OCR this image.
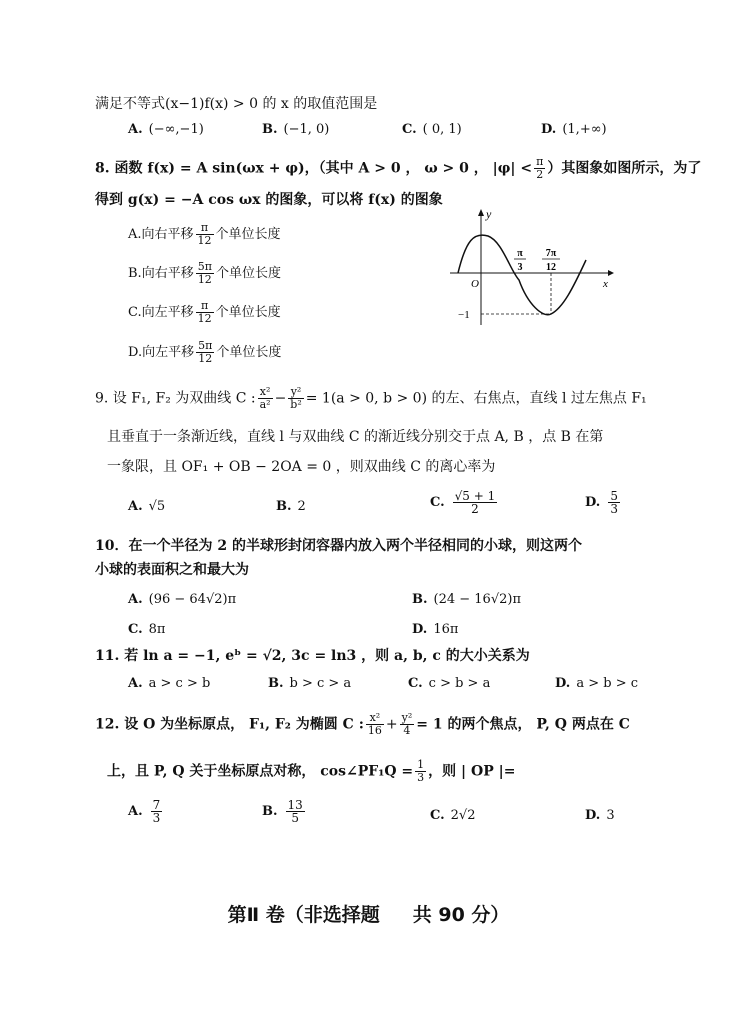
满足不等式(x−1)f(x) > 0 的 x 的取值范围是
A. (−∞,−1)	B. (−1, 0)	C. ( 0, 1)	D. (1,+∞)
8. 函数 f(x) = A sin(ωx + φ)，（其中 A > 0 ， ω > 0 ， $|\varphi| < \frac{\pi}{2}$ ）其图象如图所示，为了
得到 g(x) = −A cos ωx 的图象，可以将 f(x) 的图象
A.向右平移 $\frac{\pi}{12}$ 个单位长度
B.向右平移 $\frac{5\pi}{12}$ 个单位长度
C.向左平移 $\frac{\pi}{12}$ 个单位长度
D.向左平移 $\frac{5\pi}{12}$ 个单位长度
y
x
O
π
3
7π
12
−1
9. 设 F₁, F₂ 为双曲线 C : $\frac{\text{x²}}{\text{a²}} - \frac{\text{y²}}{\text{b²}} = 1(a > 0$, b > 0) 的左、右焦点，直线 l 过左焦点 F₁
且垂直于一条渐近线，直线 l 与双曲线 C 的渐近线分别交于点 A, B ，点 B 在第
一象限，且 OF₁ + OB − 2OA = 0 ，则双曲线 C 的离心率为
A. √5	B. 2	C. $\frac{√5 + 1}{2}$	D. $\frac{5}{3}$
10．在一个半径为 2 的半球形封闭容器内放入两个半径相同的小球，则这两个
小球的表面积之和最大为
A. (96 − 64√2)π	B. (24 − 16√2)π
C. 8π	D. 16π
11. 若 ln a = −1, eᵇ = √2, 3c = ln3 ，则 a, b, c 的大小关系为
A. a > c > b	B. b > c > a	C. c > b > a	D. a > b > c
12. 设 O 为坐标原点， F₁, F₂ 为椭圆 C : $\frac{\text{x²}}{16} + \frac{\text{y²}}{4} = 1$ 的两个焦点， P, Q 两点在 C
上，且 P, Q 关于坐标原点对称， cos∠PF₁Q = $\frac{1}{3}$ ，则 | OP |=
A. $\frac{7}{3}$	B. $\frac{13}{5}$	C. 2√2	D. 3
第Ⅱ 卷（非选择题     共 90 分）
